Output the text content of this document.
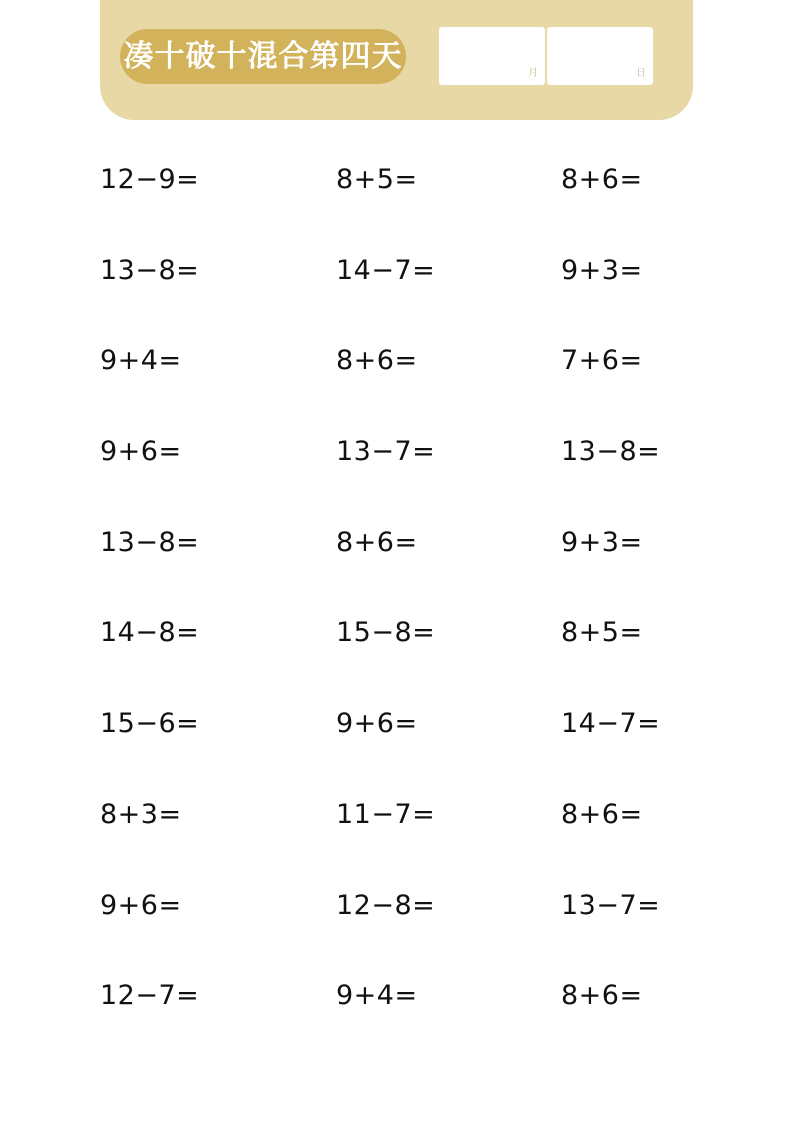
凑十破十混合第四天	月	日
12−9=	8+5=	8+6=
13−8=	14−7=	9+3=
9+4=	8+6=	7+6=
9+6=	13−7=	13−8=
13−8=	8+6=	9+3=
14−8=	15−8=	8+5=
15−6=	9+6=	14−7=
8+3=	11−7=	8+6=
9+6=	12−8=	13−7=
12−7=	9+4=	8+6=
